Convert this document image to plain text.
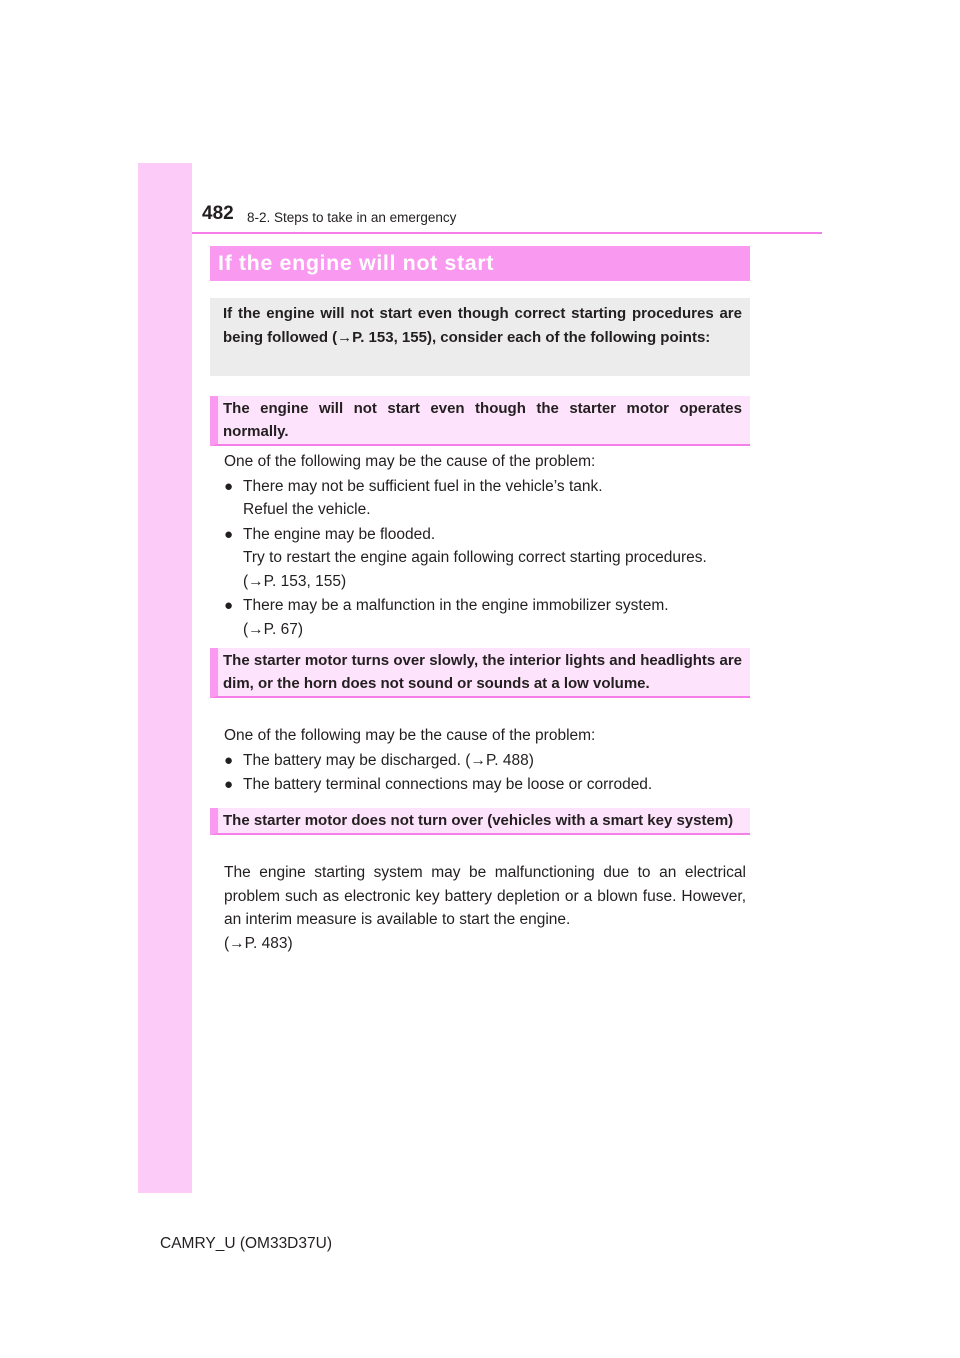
482 8-2. Steps to take in an emergency
If the engine will not start
If the engine will not start even though correct starting procedures are being followed (→P. 153, 155), consider each of the following points:
The engine will not start even though the starter motor operates normally.

One of the following may be the cause of the problem:

● There may not be sufficient fuel in the vehicle’s tank.
Refuel the vehicle.
● The engine may be flooded.
Try to restart the engine again following correct starting procedures.
(→P. 153, 155)
● There may be a malfunction in the engine immobilizer system.
(→P. 67)
The starter motor turns over slowly, the interior lights and headlights are dim, or the horn does not sound or sounds at a low volume.

One of the following may be the cause of the problem:

● The battery may be discharged. (→P. 488)
● The battery terminal connections may be loose or corroded.
The starter motor does not turn over (vehicles with a smart key system)

The engine starting system may be malfunctioning due to an electrical problem such as electronic key battery depletion or a blown fuse. However, an interim measure is available to start the engine.

(→P. 483)

CAMRY_U (OM33D37U)
